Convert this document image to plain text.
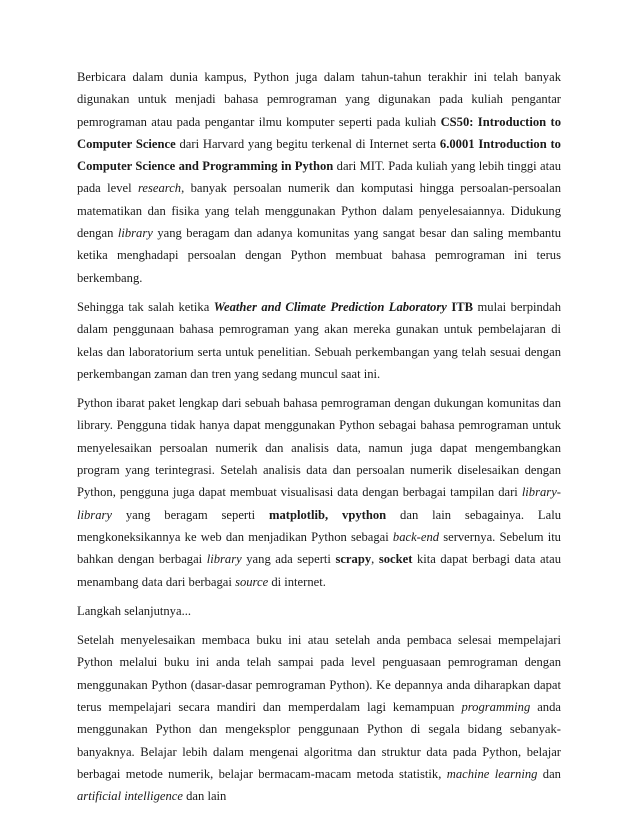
Berbicara dalam dunia kampus, Python juga dalam tahun-tahun terakhir ini telah banyak digunakan untuk menjadi bahasa pemrograman yang digunakan pada kuliah pengantar pemrograman atau pada pengantar ilmu komputer seperti pada kuliah CS50: Introduction to Computer Science dari Harvard yang begitu terkenal di Internet serta 6.0001 Introduction to Computer Science and Programming in Python dari MIT. Pada kuliah yang lebih tinggi atau pada level research, banyak persoalan numerik dan komputasi hingga persoalan-persoalan matematikan dan fisika yang telah menggunakan Python dalam penyelesaiannya. Didukung dengan library yang beragam dan adanya komunitas yang sangat besar dan saling membantu ketika menghadapi persoalan dengan Python membuat bahasa pemrograman ini terus berkembang.

Sehingga tak salah ketika Weather and Climate Prediction Laboratory ITB mulai berpindah dalam penggunaan bahasa pemrograman yang akan mereka gunakan untuk pembelajaran di kelas dan laboratorium serta untuk penelitian. Sebuah perkembangan yang telah sesuai dengan perkembangan zaman dan tren yang sedang muncul saat ini.

Python ibarat paket lengkap dari sebuah bahasa pemrograman dengan dukungan komunitas dan library. Pengguna tidak hanya dapat menggunakan Python sebagai bahasa pemrograman untuk menyelesaikan persoalan numerik dan analisis data, namun juga dapat mengembangkan program yang terintegrasi. Setelah analisis data dan persoalan numerik diselesaikan dengan Python, pengguna juga dapat membuat visualisasi data dengan berbagai tampilan dari library-library yang beragam seperti matplotlib, vpython dan lain sebagainya. Lalu mengkoneksikannya ke web dan menjadikan Python sebagai back-end servernya. Sebelum itu bahkan dengan berbagai library yang ada seperti scrapy, socket kita dapat berbagi data atau menambang data dari berbagai source di internet.

Langkah selanjutnya...

Setelah menyelesaikan membaca buku ini atau setelah anda pembaca selesai mempelajari Python melalui buku ini anda telah sampai pada level penguasaan pemrograman dengan menggunakan Python (dasar-dasar pemrograman Python). Ke depannya anda diharapkan dapat terus mempelajari secara mandiri dan memperdalam lagi kemampuan programming anda menggunakan Python dan mengeksplor penggunaan Python di segala bidang sebanyak-banyaknya. Belajar lebih dalam mengenai algoritma dan struktur data pada Python, belajar berbagai metode numerik, belajar bermacam-macam metoda statistik, machine learning dan artificial intelligence dan lain
